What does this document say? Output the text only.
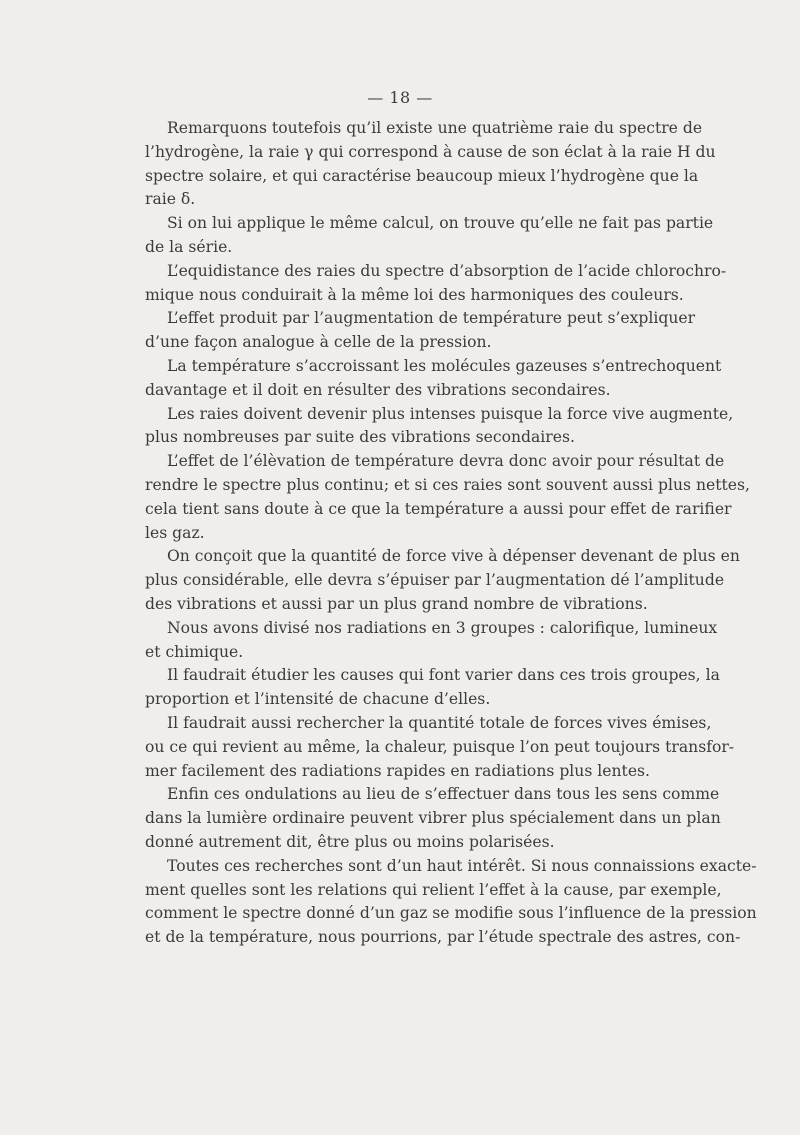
— 18 —
Remarquons toutefois qu’il existe une quatrième raie du spectre de
l’hydrogène, la raie γ qui correspond à cause de son éclat à la raie H du
spectre solaire, et qui caractérise beaucoup mieux l’hydrogène que la
raie δ.
Si on lui applique le même calcul, on trouve qu’elle ne fait pas partie
de la série.
L’equidistance des raies du spectre d’absorption de l’acide chlorochro-
mique nous conduirait à la même loi des harmoniques des couleurs.
L’effet produit par l’augmentation de température peut s’expliquer
d’une façon analogue à celle de la pression.
La température s’accroissant les molécules gazeuses s’entrechoquent
davantage et il doit en résulter des vibrations secondaires.
Les raies doivent devenir plus intenses puisque la force vive augmente,
plus nombreuses par suite des vibrations secondaires.
L’effet de l’élèvation de température devra donc avoir pour résultat de
rendre le spectre plus continu; et si ces raies sont souvent aussi plus nettes,
cela tient sans doute à ce que la température a aussi pour effet de rarifier
les gaz.
On conçoit que la quantité de force vive à dépenser devenant de plus en
plus considérable, elle devra s’épuiser par l’augmentation dé l’amplitude
des vibrations et aussi par un plus grand nombre de vibrations.
Nous avons divisé nos radiations en 3 groupes : calorifique, lumineux
et chimique.
Il faudrait étudier les causes qui font varier dans ces trois groupes, la
proportion et l’intensité de chacune d’elles.
Il faudrait aussi rechercher la quantité totale de forces vives émises,
ou ce qui revient au même, la chaleur, puisque l’on peut toujours transfor-
mer facilement des radiations rapides en radiations plus lentes.
Enfin ces ondulations au lieu de s’effectuer dans tous les sens comme
dans la lumière ordinaire peuvent vibrer plus spécialement dans un plan
donné autrement dit, être plus ou moins polarisées.
Toutes ces recherches sont d’un haut intérêt. Si nous connaissions exacte-
ment quelles sont les relations qui relient l’effet à la cause, par exemple,
comment le spectre donné d’un gaz se modifie sous l’influence de la pression
et de la température, nous pourrions, par l’étude spectrale des astres, con-
